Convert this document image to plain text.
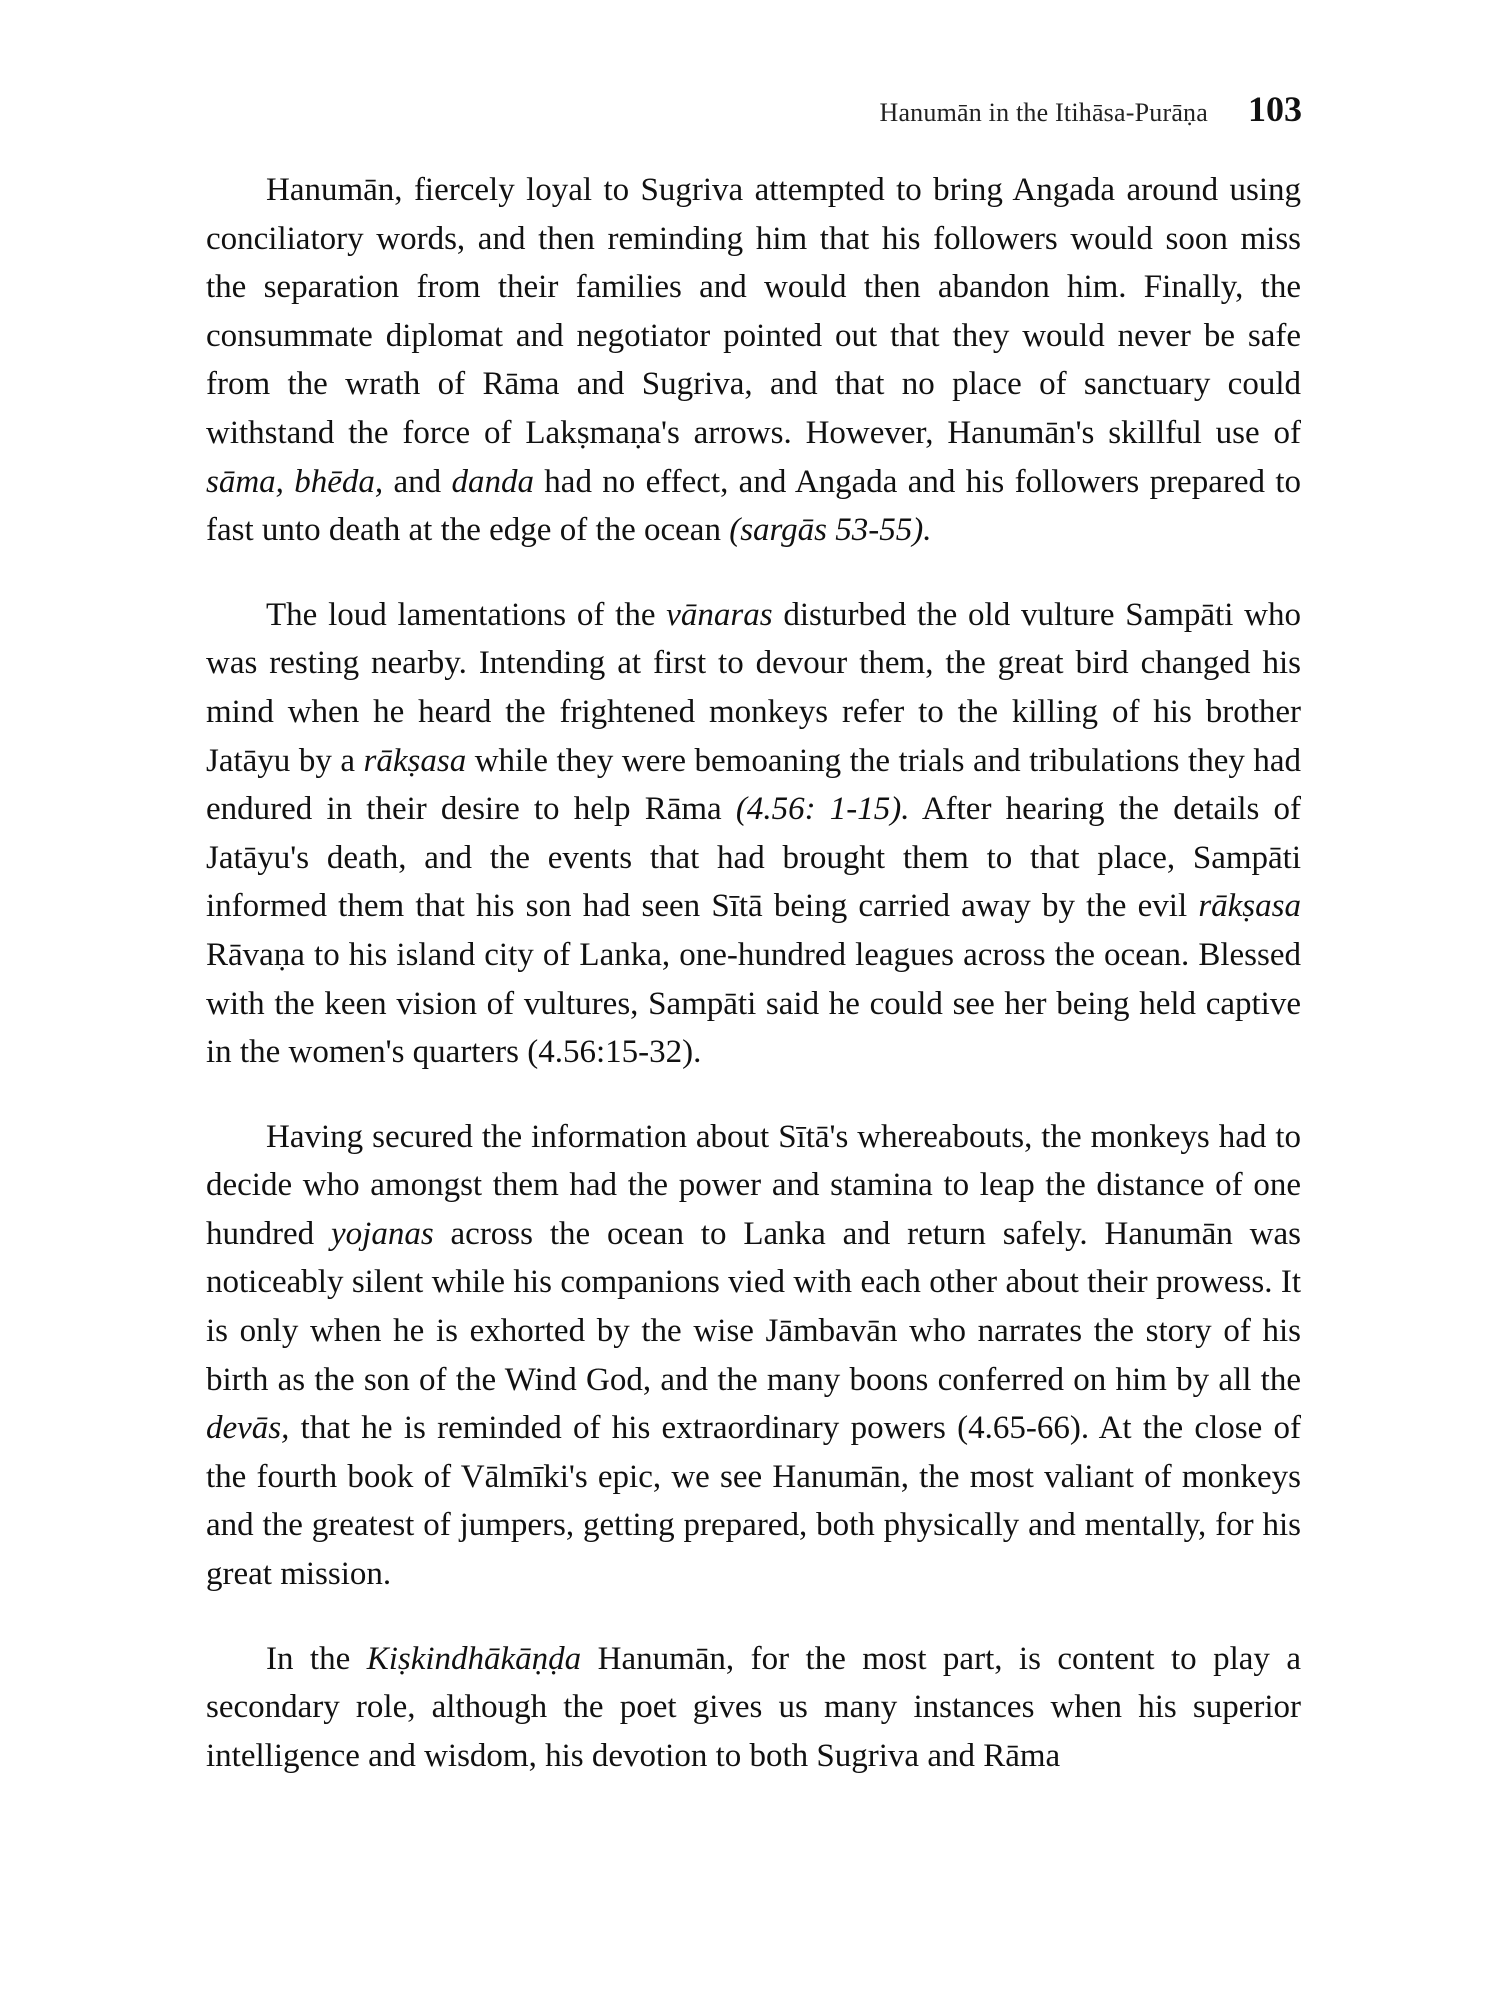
Hanumān in the Itihāsa-Purāṇa 103

Hanumān, fiercely loyal to Sugriva attempted to bring Angada around using conciliatory words, and then reminding him that his followers would soon miss the separation from their families and would then abandon him. Finally, the consummate diplomat and negotiator pointed out that they would never be safe from the wrath of Rāma and Sugriva, and that no place of sanctuary could withstand the force of Lakṣmaṇa's arrows. However, Hanumān's skillful use of sāma, bhēda, and danda had no effect, and Angada and his followers prepared to fast unto death at the edge of the ocean (sargās 53-55).

The loud lamentations of the vānaras disturbed the old vulture Sampāti who was resting nearby. Intending at first to devour them, the great bird changed his mind when he heard the frightened monkeys refer to the killing of his brother Jatāyu by a rākṣasa while they were bemoaning the trials and tribulations they had endured in their desire to help Rāma (4.56: 1-15). After hearing the details of Jatāyu's death, and the events that had brought them to that place, Sampāti informed them that his son had seen Sītā being carried away by the evil rākṣasa Rāvaṇa to his island city of Lanka, one-hundred leagues across the ocean. Blessed with the keen vision of vultures, Sampāti said he could see her being held captive in the women's quarters (4.56:15-32).

Having secured the information about Sītā's whereabouts, the monkeys had to decide who amongst them had the power and stamina to leap the distance of one hundred yojanas across the ocean to Lanka and return safely. Hanumān was noticeably silent while his companions vied with each other about their prowess. It is only when he is exhorted by the wise Jāmbavān who narrates the story of his birth as the son of the Wind God, and the many boons conferred on him by all the devās, that he is reminded of his extraordinary powers (4.65-66). At the close of the fourth book of Vālmīki's epic, we see Hanumān, the most valiant of monkeys and the greatest of jumpers, getting prepared, both physically and mentally, for his great mission.

In the Kiṣkindhākāṇḍa Hanumān, for the most part, is content to play a secondary role, although the poet gives us many instances when his superior intelligence and wisdom, his devotion to both Sugriva and Rāma
